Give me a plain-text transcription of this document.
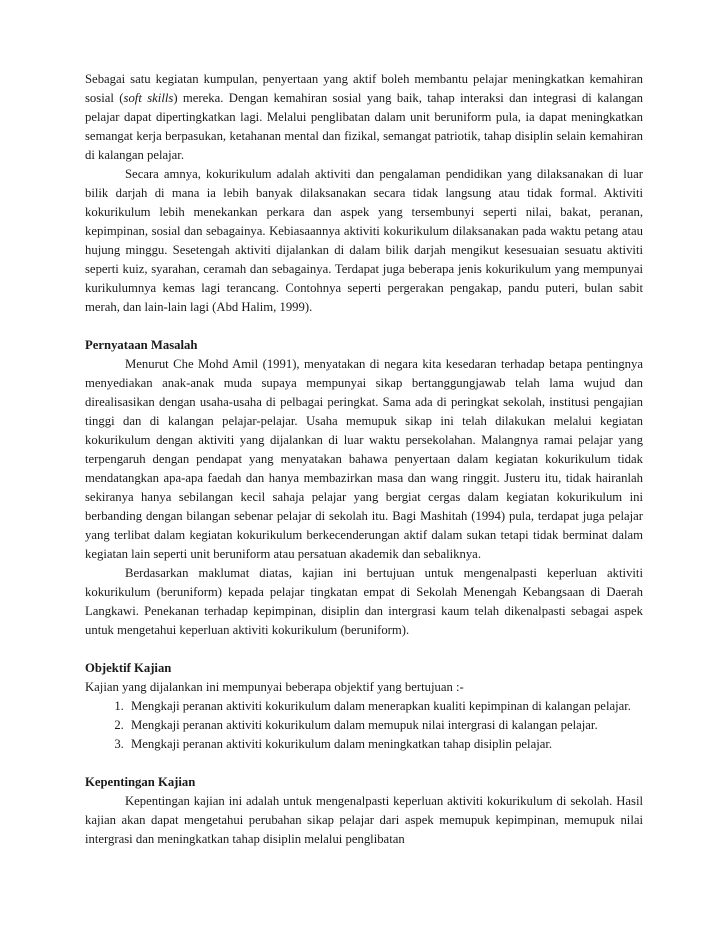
Sebagai satu kegiatan kumpulan, penyertaan yang aktif boleh membantu pelajar meningkatkan kemahiran sosial (soft skills) mereka. Dengan kemahiran sosial yang baik, tahap interaksi dan integrasi di kalangan pelajar dapat dipertingkatkan lagi. Melalui penglibatan dalam unit beruniform pula, ia dapat meningkatkan semangat kerja berpasukan, ketahanan mental dan fizikal, semangat patriotik, tahap disiplin selain kemahiran di kalangan pelajar.

Secara amnya, kokurikulum adalah aktiviti dan pengalaman pendidikan yang dilaksanakan di luar bilik darjah di mana ia lebih banyak dilaksanakan secara tidak langsung atau tidak formal. Aktiviti kokurikulum lebih menekankan perkara dan aspek yang tersembunyi seperti nilai, bakat, peranan, kepimpinan, sosial dan sebagainya. Kebiasaannya aktiviti kokurikulum dilaksanakan pada waktu petang atau hujung minggu. Sesetengah aktiviti dijalankan di dalam bilik darjah mengikut kesesuaian sesuatu aktiviti seperti kuiz, syarahan, ceramah dan sebagainya. Terdapat juga beberapa jenis kokurikulum yang mempunyai kurikulumnya kemas lagi terancang. Contohnya seperti pergerakan pengakap, pandu puteri, bulan sabit merah, dan lain-lain lagi (Abd Halim, 1999).

Pernyataan Masalah

Menurut Che Mohd Amil (1991), menyatakan di negara kita kesedaran terhadap betapa pentingnya menyediakan anak-anak muda supaya mempunyai sikap bertanggungjawab telah lama wujud dan direalisasikan dengan usaha-usaha di pelbagai peringkat. Sama ada di peringkat sekolah, institusi pengajian tinggi dan di kalangan pelajar-pelajar. Usaha memupuk sikap ini telah dilakukan melalui kegiatan kokurikulum dengan aktiviti yang dijalankan di luar waktu persekolahan. Malangnya ramai pelajar yang terpengaruh dengan pendapat yang menyatakan bahawa penyertaan dalam kegiatan kokurikulum tidak mendatangkan apa-apa faedah dan hanya membazirkan masa dan wang ringgit. Justeru itu, tidak hairanlah sekiranya hanya sebilangan kecil sahaja pelajar yang bergiat cergas dalam kegiatan kokurikulum ini berbanding dengan bilangan sebenar pelajar di sekolah itu. Bagi Mashitah (1994) pula, terdapat juga pelajar yang terlibat dalam kegiatan kokurikulum berkecenderungan aktif dalam sukan tetapi tidak berminat dalam kegiatan lain seperti unit beruniform atau persatuan akademik dan sebaliknya.

Berdasarkan maklumat diatas, kajian ini bertujuan untuk mengenalpasti keperluan aktiviti kokurikulum (beruniform) kepada pelajar tingkatan empat di Sekolah Menengah Kebangsaan di Daerah Langkawi. Penekanan terhadap kepimpinan, disiplin dan intergrasi kaum telah dikenalpasti sebagai aspek untuk mengetahui keperluan aktiviti kokurikulum (beruniform).

Objektif Kajian

Kajian yang dijalankan ini mempunyai beberapa objektif yang bertujuan :-

1. Mengkaji peranan aktiviti kokurikulum dalam menerapkan kualiti kepimpinan di kalangan pelajar.
2. Mengkaji peranan aktiviti kokurikulum dalam memupuk nilai intergrasi di kalangan pelajar.
3. Mengkaji peranan aktiviti kokurikulum dalam meningkatkan tahap disiplin pelajar.
Kepentingan Kajian

Kepentingan kajian ini adalah untuk mengenalpasti keperluan aktiviti kokurikulum di sekolah. Hasil kajian akan dapat mengetahui perubahan sikap pelajar dari aspek memupuk kepimpinan, memupuk nilai intergrasi dan meningkatkan tahap disiplin melalui penglibatan
